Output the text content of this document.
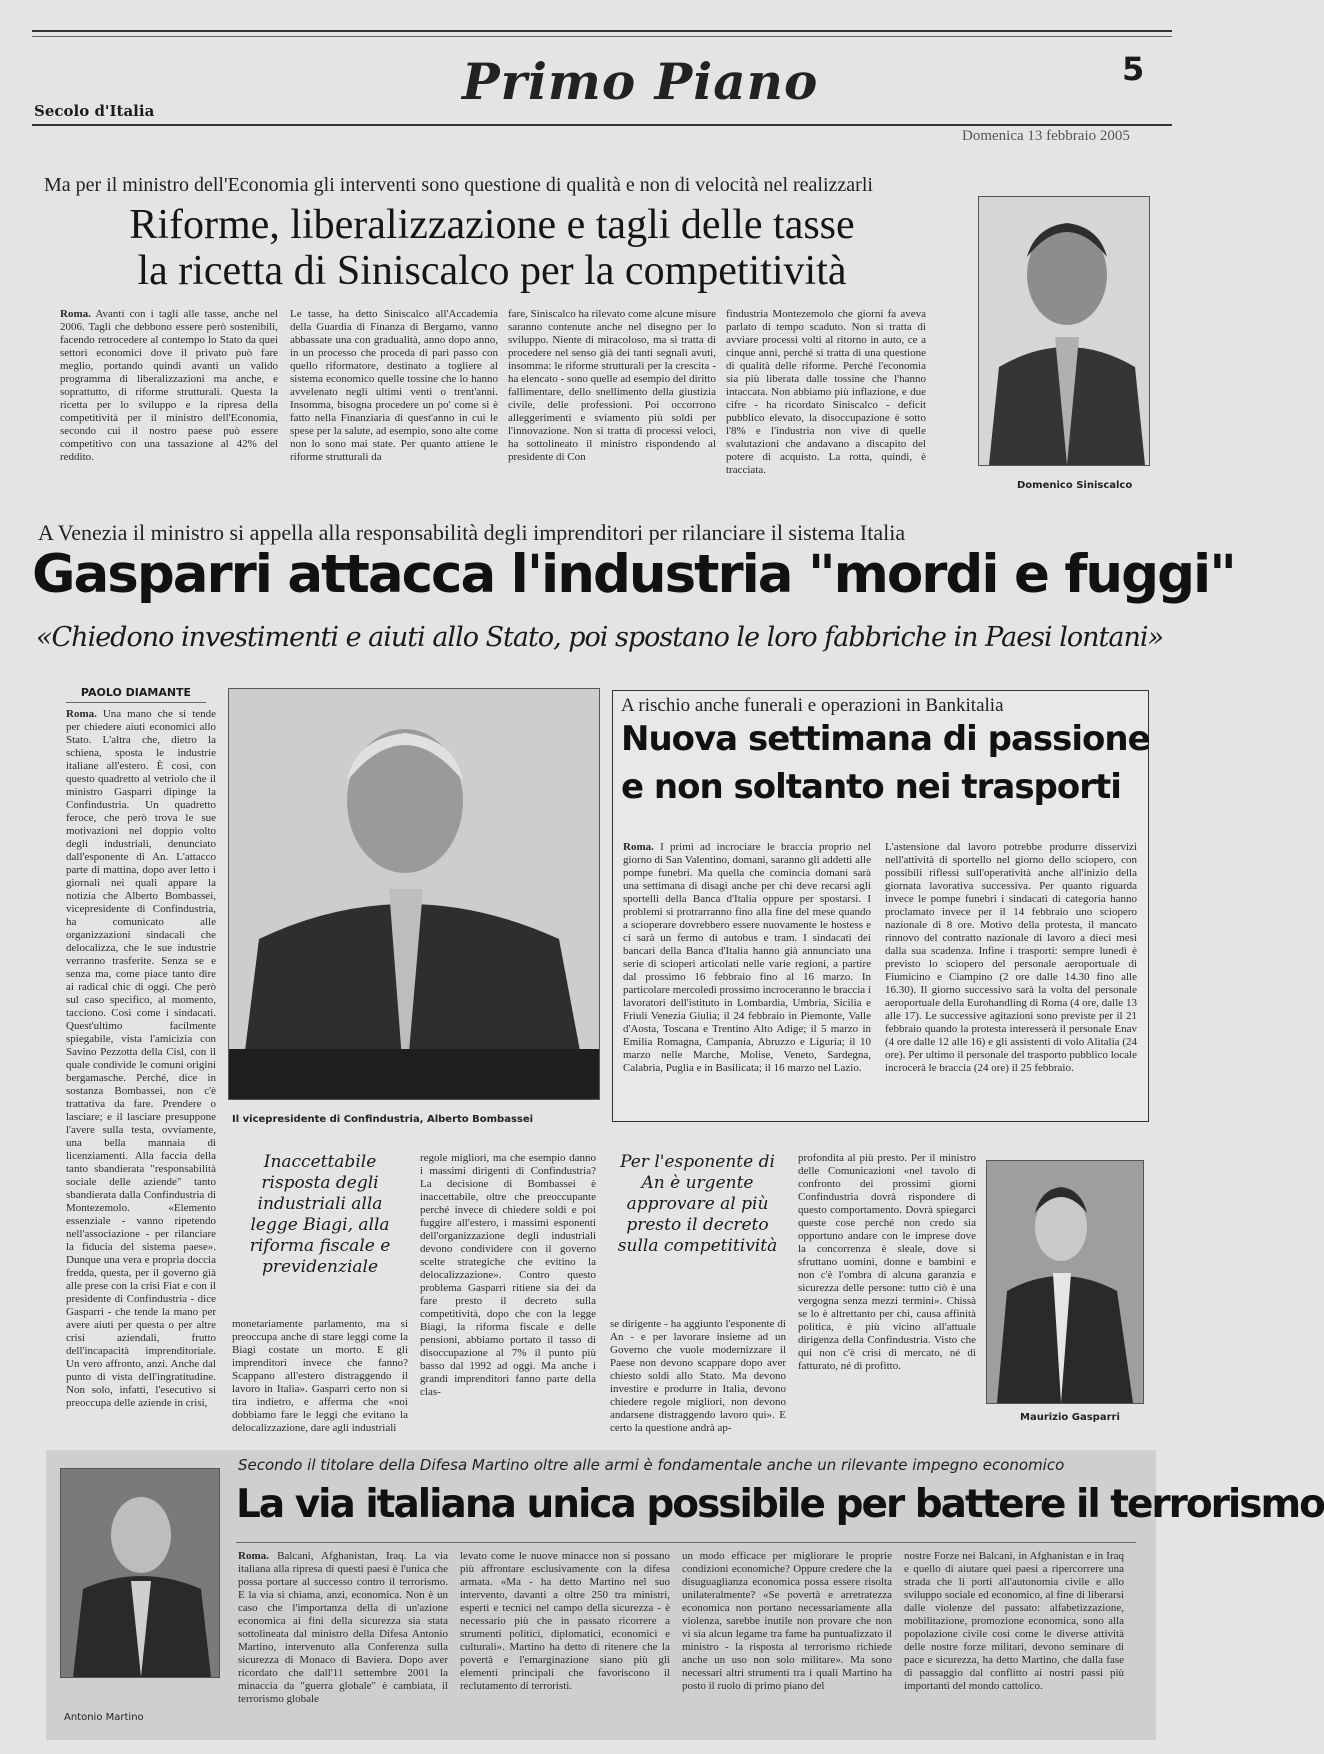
Secolo d'Italia	Primo Piano	5
Domenica 13 febbraio 2005
Ma per il ministro dell'Economia gli interventi sono questione di qualità e non di velocità nel realizzarli
Riforme, liberalizzazione e tagli delle tasse
la ricetta di Siniscalco per la competitività
Roma. Avanti con i tagli alle tasse, anche nel 2006. Tagli che debbono essere però sostenibili, facendo retrocedere al contempo lo Stato da quei settori economici dove il privato può fare meglio, portando quindi avanti un valido programma di liberalizzazioni ma anche, e soprattutto, di riforme strutturali. Questa la ricetta per lo sviluppo e la ripresa della competitività per il ministro dell'Economia, secondo cui il nostro paese può essere competitivo con una tassazione al 42% del reddito.
Le tasse, ha detto Siniscalco all'Accademia della Guardia di Finanza di Bergamo, vanno abbassate una con gradualità, anno dopo anno, in un processo che proceda di pari passo con quello riformatore, destinato a togliere al sistema economico quelle tossine che lo hanno avvelenato negli ultimi venti o trent'anni. Insomma, bisogna procedere un po' come si è fatto nella Finanziaria di quest'anno in cui le spese per la salute, ad esempio, sono alte come non lo sono mai state. Per quanto attiene le riforme strutturali da
fare, Siniscalco ha rilevato come alcune misure saranno contenute anche nel disegno per lo sviluppo. Niente di miracoloso, ma si tratta di procedere nel senso già dei tanti segnali avuti, insomma: le riforme strutturali per la crescita - ha elencato - sono quelle ad esempio del diritto fallimentare, dello snellimento della giustizia civile, delle professioni. Poi occorrono alleggerimenti e sviamento più soldi per l'innovazione. Non si tratta di processi veloci, ha sottolineato il ministro rispondendo al presidente di Con
findustria Montezemolo che giorni fa aveva parlato di tempo scaduto. Non si tratta di avviare processi volti al ritorno in auto, ce a cinque anni, perché si tratta di una questione di qualità delle riforme. Perché l'economia sia più liberata dalle tossine che l'hanno intaccata. Non abbiamo più inflazione, e due cifre - ha ricordato Siniscalco - deficit pubblico elevato, la disoccupazione è sotto l'8% e l'industria non vive di quelle svalutazioni che andavano a discapito del potere di acquisto. La rotta, quindi, è tracciata.
Domenico Siniscalco
A Venezia il ministro si appella alla responsabilità degli imprenditori per rilanciare il sistema Italia
Gasparri attacca l'industria "mordi e fuggi"
«Chiedono investimenti e aiuti allo Stato, poi spostano le loro fabbriche in Paesi lontani»
PAOLO DIAMANTE
Roma. Una mano che si tende per chiedere aiuti economici allo Stato. L'altra che, dietro la schiena, sposta le industrie italiane all'estero. È così, con questo quadretto al vetriolo che il ministro Gasparri dipinge la Confindustria. Un quadretto feroce, che però trova le sue motivazioni nel doppio volto degli industriali, denunciato dall'esponente di An. L'attacco parte di mattina, dopo aver letto i giornali nei quali appare la notizia che Alberto Bombassei, vicepresidente di Confindustria, ha comunicato alle organizzazioni sindacali che delocalizza, che le sue industrie verranno trasferite. Senza se e senza ma, come piace tanto dire ai radical chic di oggi. Che però sul caso specifico, al momento, tacciono. Così come i sindacati. Quest'ultimo facilmente spiegabile, vista l'amicizia con Savino Pezzotta della Cisl, con il quale condivide le comuni origini bergamasche. Perché, dice in sostanza Bombassei, non c'è trattativa da fare. Prendere o lasciare; e il lasciare presuppone l'avere sulla testa, ovviamente, una bella mannaia di licenziamenti. Alla faccia della tanto sbandierata "responsabilità sociale delle aziende" tanto sbandierata dalla Confindustria di Montezemolo. «Elemento essenziale - vanno ripetendo nell'associazione - per rilanciare la fiducia del sistema paese». Dunque una vera e propria doccia fredda, questa, per il governo già alle prese con la crisi Fiat e con il presidente di Confindustria - dice Gasparri - che tende la mano per avere aiuti per questa o per altre crisi aziendali, frutto dell'incapacità imprenditoriale. Un vero affronto, anzi. Anche dal punto di vista dell'ingratitudine. Non solo, infatti, l'esecutivo si preoccupa delle aziende in crisi,
Il vicepresidente di Confindustria, Alberto Bombassei
A rischio anche funerali e operazioni in Bankitalia
Nuova settimana di passione
e non soltanto nei trasporti
Roma. I primi ad incrociare le braccia proprio nel giorno di San Valentino, domani, saranno gli addetti alle pompe funebri. Ma quella che comincia domani sarà una settimana di disagi anche per chi deve recarsi agli sportelli della Banca d'Italia oppure per spostarsi. I problemi si protrarranno fino alla fine del mese quando a scioperare dovrebbero essere nuovamente le hostess e ci sarà un fermo di autobus e tram. I sindacati dei bancari della Banca d'Italia hanno già annunciato una serie di scioperi articolati nelle varie regioni, a partire dal prossimo 16 febbraio fino al 16 marzo. In particolare mercoledì prossimo incroceranno le braccia i lavoratori dell'istituto in Lombardia, Umbria, Sicilia e Friuli Venezia Giulia; il 24 febbraio in Piemonte, Valle d'Aosta, Toscana e Trentino Alto Adige; il 5 marzo in Emilia Romagna, Campania, Abruzzo e Liguria; il 10 marzo nelle Marche, Molise, Veneto, Sardegna, Calabria, Puglia e in Basilicata; il 16 marzo nel Lazio.
L'astensione dal lavoro potrebbe produrre disservizi nell'attività di sportello nel giorno dello sciopero, con possibili riflessi sull'operatività anche all'inizio della giornata lavorativa successiva. Per quanto riguarda invece le pompe funebri i sindacati di categoria hanno proclamato invece per il 14 febbraio uno sciopero nazionale di 8 ore. Motivo della protesta, il mancato rinnovo del contratto nazionale di lavoro a dieci mesi dalla sua scadenza. Infine i trasporti: sempre lunedì è previsto lo sciopero del personale aeroportuale di Fiumicino e Ciampino (2 ore dalle 14.30 fino alle 16.30). Il giorno successivo sarà la volta del personale aeroportuale della Eurohandling di Roma (4 ore, dalle 13 alle 17). Le successive agitazioni sono previste per il 21 febbraio quando la protesta interesserà il personale Enav (4 ore dalle 12 alle 16) e gli assistenti di volo Alitalia (24 ore). Per ultimo il personale del trasporto pubblico locale incrocerà le braccia (24 ore) il 25 febbraio.
Inaccettabile risposta degli industriali alla legge Biagi, alla riforma fiscale e previdenziale
monetariamente parlamento, ma si preoccupa anche di stare leggi come la Biagi costate un morto. E gli imprenditori invece che fanno? Scappano all'estero distraggendo il lavoro in Italia». Gasparri certo non si tira indietro, e afferma che «noi dobbiamo fare le leggi che evitano la delocalizzazione, dare agli industriali
regole migliori, ma che esempio danno i massimi dirigenti di Confindustria? La decisione di Bombassei è inaccettabile, oltre che preoccupante perché invece di chiedere soldi e poi fuggire all'estero, i massimi esponenti dell'organizzazione degli industriali devono condividere con il governo scelte strategiche che evitino la delocalizzazione». Contro questo problema Gasparri ritiene sia dei da fare presto il decreto sulla competitività, dopo che con la legge Biagi, la riforma fiscale e delle pensioni, abbiamo portato il tasso di disoccupazione al 7% il punto più basso dal 1992 ad oggi. Ma anche i grandi imprenditori fanno parte della clas-
Per l'esponente di An è urgente approvare al più presto il decreto sulla competitività
se dirigente - ha aggiunto l'esponente di An - e per lavorare insieme ad un Governo che vuole modernizzare il Paese non devono scappare dopo aver chiesto soldi allo Stato. Ma devono investire e produrre in Italia, devono chiedere regole migliori, non devono andarsene distraggendo lavoro qui». E certo la questione andrà ap-
profondita al più presto. Per il ministro delle Comunicazioni «nel tavolo di confronto dei prossimi giorni Confindustria dovrà rispondere di questo comportamento. Dovrà spiegarci queste cose perché non credo sia opportuno andare con le imprese dove la concorrenza è sleale, dove si sfruttano uomini, donne e bambini e non c'è l'ombra di alcuna garanzia e sicurezza delle persone: tutto ciò è una vergogna senza mezzi termini». Chissà se lo è altrettanto per chi, causa affinità politica, è più vicino all'attuale dirigenza della Confindustria. Visto che qui non c'è crisi di mercato, né di fatturato, né di profitto.
Maurizio Gasparri
Antonio Martino
Secondo il titolare della Difesa Martino oltre alle armi è fondamentale anche un rilevante impegno economico
La via italiana unica possibile per battere il terrorismo
Roma. Balcani, Afghanistan, Iraq. La via italiana alla ripresa di questi paesi è l'unica che possa portare al successo contro il terrorismo. E la via si chiama, anzi, economica. Non è un caso che l'importanza della di un'azione economica ai fini della sicurezza sia stata sottolineata dal ministro della Difesa Antonio Martino, intervenuto alla Conferenza sulla sicurezza di Monaco di Baviera. Dopo aver ricordato che dall'11 settembre 2001 la minaccia da "guerra globale" è cambiata, il terrorismo globale
levato come le nuove minacce non si possano più affrontare esclusivamente con la difesa armata. «Ma - ha detto Martino nel suo intervento, davanti a oltre 250 tra ministri, esperti e tecnici nel campo della sicurezza - è necessario più che in passato ricorrere a strumenti politici, diplomatici, economici e culturali». Martino ha detto di ritenere che la povertà e l'emarginazione siano più gli elementi principali che favoriscono il reclutamento di terroristi.
un modo efficace per migliorare le proprie condizioni economiche? Oppure credere che la disuguaglianza economica possa essere risolta unilateralmente? «Se povertà e arretratezza economica non portano necessariamente alla violenza, sarebbe inutile non provare che non vi sia alcun legame tra fame ha puntualizzato il ministro - la risposta al terrorismo richiede anche un uso non solo militare». Ma sono necessari altri strumenti tra i quali Martino ha posto il ruolo di primo piano del
nostre Forze nei Balcani, in Afghanistan e in Iraq e quello di aiutare quei paesi a ripercorrere una strada che li porti all'autonomia civile e allo sviluppo sociale ed economico, al fine di liberarsi dalle violenze del passato: alfabetizzazione, mobilitazione, promozione economica, sono alla popolazione civile cosi come le diverse attività delle nostre forze militari, devono seminare di pace e sicurezza, ha detto Martino, che dalla fase di passaggio dal conflitto ai nostri passi più importanti del mondo cattolico.
